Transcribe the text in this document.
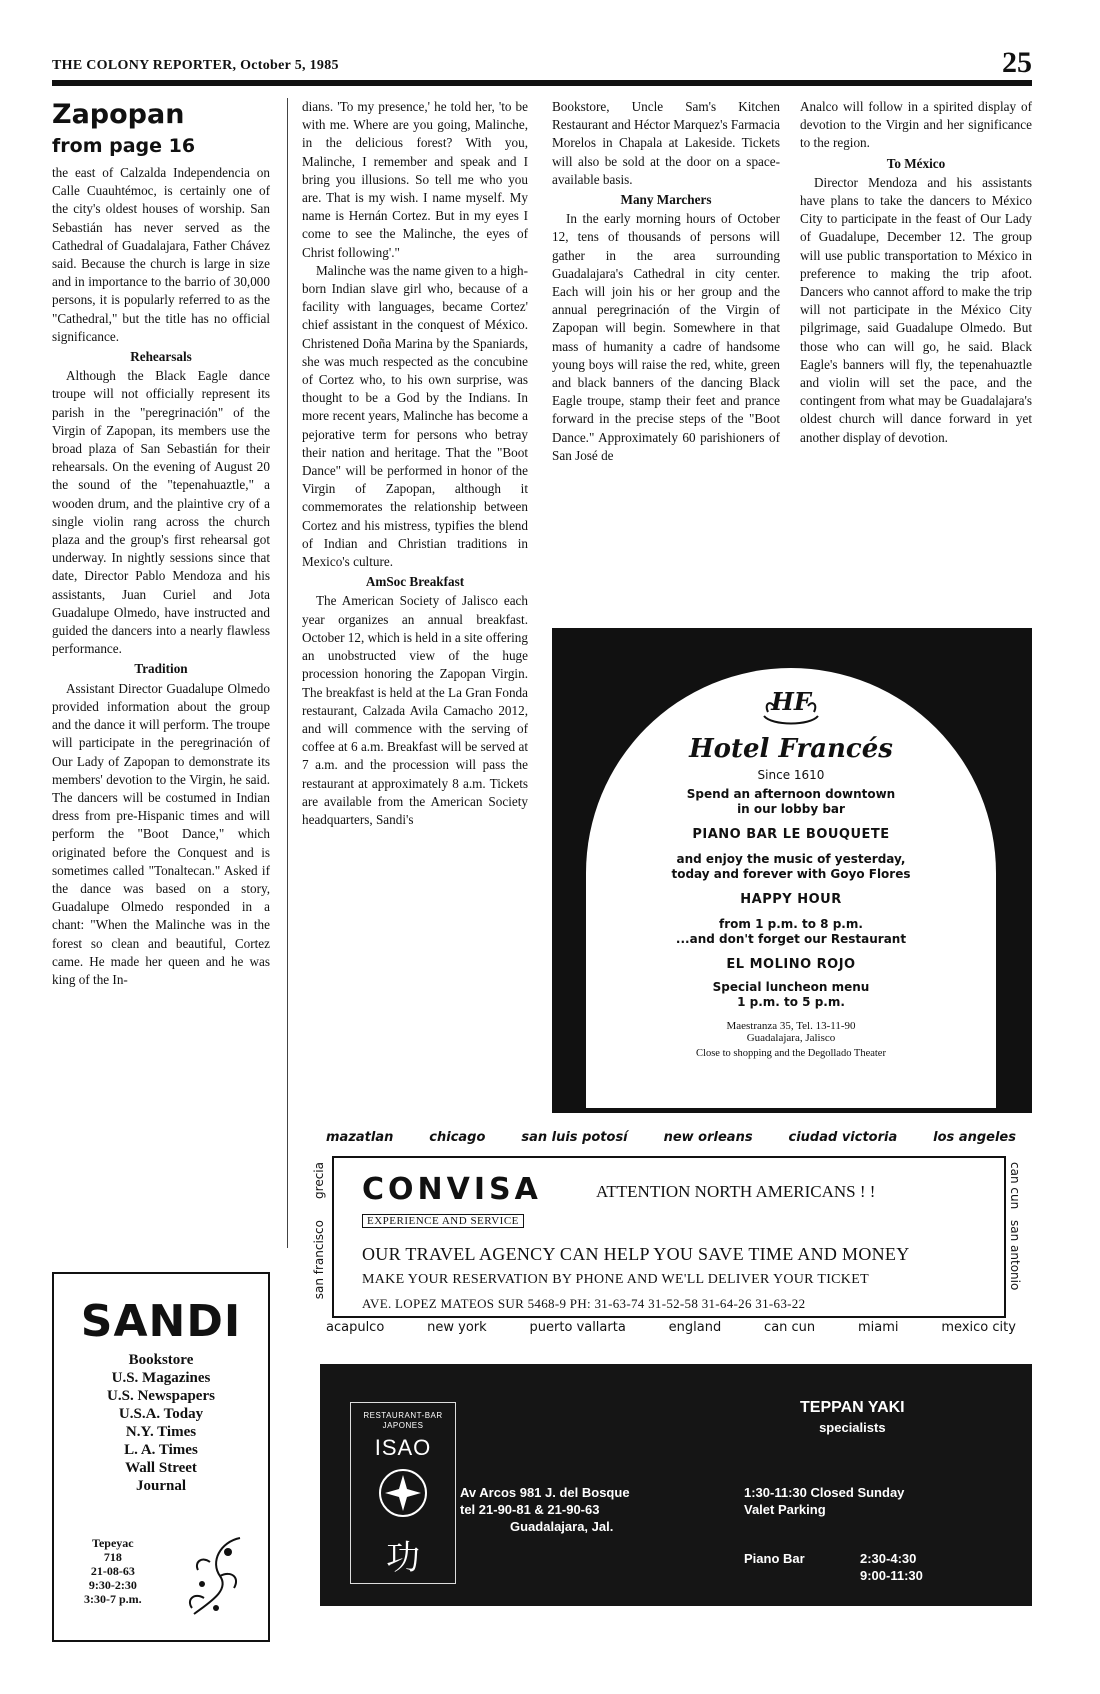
THE COLONY REPORTER, October 5, 1985	25
Zapopan
from page 16

the east of Calzalda Independencia on Calle Cuauhtémoc, is certainly one of the city's oldest houses of worship. San Sebastián has never served as the Cathedral of Guadalajara, Father Chávez said. Because the church is large in size and in importance to the barrio of 30,000 persons, it is popularly referred to as the "Cathedral," but the title has no official significance.

Rehearsals

Although the Black Eagle dance troupe will not officially represent its parish in the "peregrinación" of the Virgin of Zapopan, its members use the broad plaza of San Sebastián for their rehearsals. On the evening of August 20 the sound of the "tepenahuaztle," a wooden drum, and the plaintive cry of a single violin rang across the church plaza and the group's first rehearsal got underway. In nightly sessions since that date, Director Pablo Mendoza and his assistants, Juan Curiel and Jota Guadalupe Olmedo, have instructed and guided the dancers into a nearly flawless performance.

Tradition

Assistant Director Guadalupe Olmedo provided information about the group and the dance it will perform. The troupe will participate in the peregrinación of Our Lady of Zapopan to demonstrate its members' devotion to the Virgin, he said. The dancers will be costumed in Indian dress from pre-Hispanic times and will perform the "Boot Dance," which originated before the Conquest and is sometimes called "Tonaltecan." Asked if the dance was based on a story, Guadalupe Olmedo responded in a chant: "When the Malinche was in the forest so clean and beautiful, Cortez came. He made her queen and he was king of the In-

dians. 'To my presence,' he told her, 'to be with me. Where are you going, Malinche, in the delicious forest? With you, Malinche, I remember and speak and I bring you illusions. So tell me who you are. That is my wish. I name myself. My name is Hernán Cortez. But in my eyes I come to see the Malinche, the eyes of Christ following'."

Malinche was the name given to a high-born Indian slave girl who, because of a facility with languages, became Cortez' chief assistant in the conquest of México. Christened Doña Marina by the Spaniards, she was much respected as the concubine of Cortez who, to his own surprise, was thought to be a God by the Indians. In more recent years, Malinche has become a pejorative term for persons who betray their nation and heritage. That the "Boot Dance" will be performed in honor of the Virgin of Zapopan, although it commemorates the relationship between Cortez and his mistress, typifies the blend of Indian and Christian traditions in Mexico's culture.

AmSoc Breakfast

The American Society of Jalisco each year organizes an annual breakfast. October 12, which is held in a site offering an unobstructed view of the huge procession honoring the Zapopan Virgin. The breakfast is held at the La Gran Fonda restaurant, Calzada Avila Camacho 2012, and will commence with the serving of coffee at 6 a.m. Breakfast will be served at 7 a.m. and the procession will pass the restaurant at approximately 8 a.m. Tickets are available from the American Society headquarters, Sandi's

Bookstore, Uncle Sam's Kitchen Restaurant and Héctor Marquez's Farmacia Morelos in Chapala at Lakeside. Tickets will also be sold at the door on a space-available basis.

Many Marchers

In the early morning hours of October 12, tens of thousands of persons will gather in the area surrounding Guadalajara's Cathedral in city center. Each will join his or her group and the annual peregrinación of the Virgin of Zapopan will begin. Somewhere in that mass of humanity a cadre of handsome young boys will raise the red, white, green and black banners of the dancing Black Eagle troupe, stamp their feet and prance forward in the precise steps of the "Boot Dance." Approximately 60 parishioners of San José de

Analco will follow in a spirited display of devotion to the Virgin and her significance to the region.

To México

Director Mendoza and his assistants have plans to take the dancers to México City to participate in the feast of Our Lady of Guadalupe, December 12. The group will use public transportation to México in preference to making the trip afoot. Dancers who cannot afford to make the trip will not participate in the México City pilgrimage, said Guadalupe Olmedo. But those who can will go, he said. Black Eagle's banners will fly, the tepenahuaztle and violin will set the pace, and the contingent from what may be Guadalajara's oldest church will dance forward in yet another display of devotion.

SANDI
Bookstore
U.S. Magazines
U.S. Newspapers
U.S.A. Today
N.Y. Times
L. A. Times
Wall Street
Journal
Tepeyac
718
21-08-63
9:30-2:30
3:30-7 p.m.
HF
Hotel Francés
Since 1610
Spend an afternoon downtown
in our lobby bar
PIANO BAR LE BOUQUETE
and enjoy the music of yesterday,
today and forever with Goyo Flores
HAPPY HOUR
from 1 p.m. to 8 p.m.
...and don't forget our Restaurant
EL MOLINO ROJO
Special luncheon menu
1 p.m. to 5 p.m.
Maestranza 35, Tel. 13-11-90
Guadalajara, Jalisco
Close to shopping and the Degollado Theater
mazatlan	chicago	san luis potosí	new orleans	ciudad victoria	los angeles
grecia
san francisco
can cun
san antonio
CONVISA
EXPERIENCE AND SERVICE
ATTENTION NORTH AMERICANS ! !
OUR TRAVEL AGENCY CAN HELP YOU SAVE TIME AND MONEY
MAKE YOUR RESERVATION BY PHONE AND WE'LL DELIVER YOUR TICKET
AVE. LOPEZ MATEOS SUR 5468-9 PH: 31-63-74 31-52-58 31-64-26 31-63-22
acapulco	new york	puerto vallarta	england	can cun	miami	mexico city
RESTAURANT-BAR JAPONES
ISAO
功
Av Arcos 981 J. del Bosque
tel 21-90-81 & 21-90-63
Guadalajara, Jal.
TEPPAN YAKI
specialists
1:30-11:30 Closed Sunday
Valet Parking
Piano Bar	2:30-4:30
9:00-11:30
